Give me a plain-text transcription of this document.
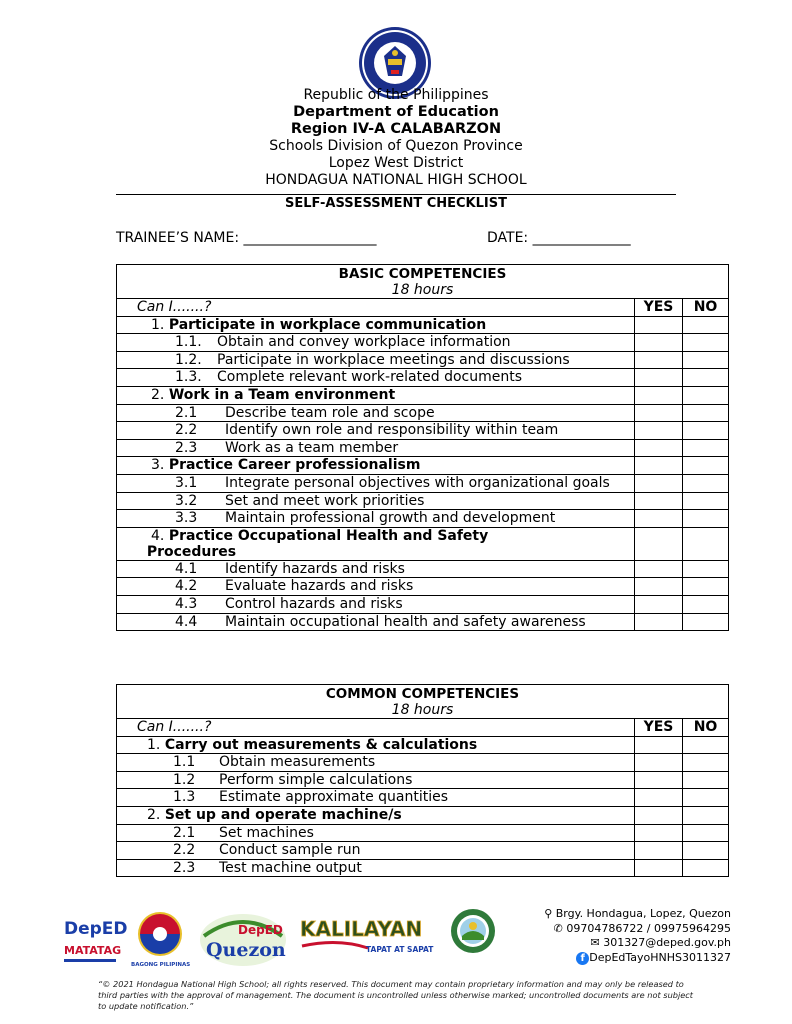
Republic of the Philippines
Department of Education
Region IV-A CALABARZON
Schools Division of Quezon Province
Lopez West District
HONDAGUA NATIONAL HIGH SCHOOL
SELF-ASSESSMENT CHECKLIST
TRAINEE’S NAME: ___________________	DATE: ______________
BASIC COMPETENCIES
18 hours		

Can I.......?	YES	NO
1. Participate in workplace communication		

1.1. Obtain and convey workplace information		

1.2. Participate in workplace meetings and discussions		

1.3. Complete relevant work-related documents		

2. Work in a Team environment		

2.1 Describe team role and scope		

2.2 Identify own role and responsibility within team		

2.3 Work as a team member		

3. Practice Career professionalism		

3.1 Integrate personal objectives with organizational goals		

3.2 Set and meet work priorities		

3.3 Maintain professional growth and development		

4. Practice Occupational Health and Safety Procedures		

4.1 Identify hazards and risks		

4.2 Evaluate hazards and risks		

4.3 Control hazards and risks		

4.4 Maintain occupational health and safety awareness		

COMMON COMPETENCIES
18 hours		

Can I.......?	YES	NO
1. Carry out measurements & calculations		

1.1 Obtain measurements		

1.2 Perform simple calculations		

1.3 Estimate approximate quantities		

2. Set up and operate machine/s		

2.1 Set machines		

2.2 Conduct sample run		

2.3 Test machine output		

DepED
MATATAG
BAGONG PILIPINAS
DepED
Quezon
KALILAYAN
TAPAT AT SAPAT
⚲ Brgy. Hondagua, Lopez, Quezon
✆ 09704786722 / 09975964295
✉ 301327@deped.gov.ph
f DepEdTayoHNHS3011327
“© 2021 Hondagua National High School; all rights reserved. This document may contain proprietary information and may only be released to third parties with the approval of management. The document is uncontrolled unless otherwise marked; uncontrolled documents are not subject to update notification.”
